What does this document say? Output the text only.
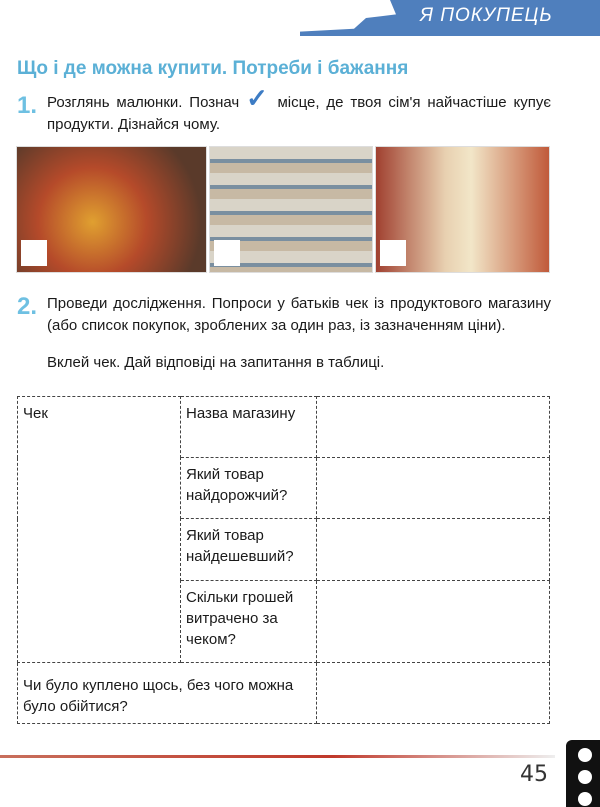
Я ПОКУПЕЦЬ
Що і де можна купити. Потреби і бажання
1. Розглянь малюнки. Познач ✓ місце, де твоя сім'я найчастіше купує продукти. Дізнайся чому.
2. Проведи дослідження. Попроси у батьків чек із продуктового магазину (або список покупок, зроблених за один раз, із зазначенням ціни).
Вклей чек. Дай відповіді на запитання в таблиці.
Чек	Назва магазину	
	Який товар найдорожчий?	
	Який товар найдешевший?	
	Скільки грошей витрачено за чеком?	
Чи було куплено щось, без чого можна було обійтися?		
45
